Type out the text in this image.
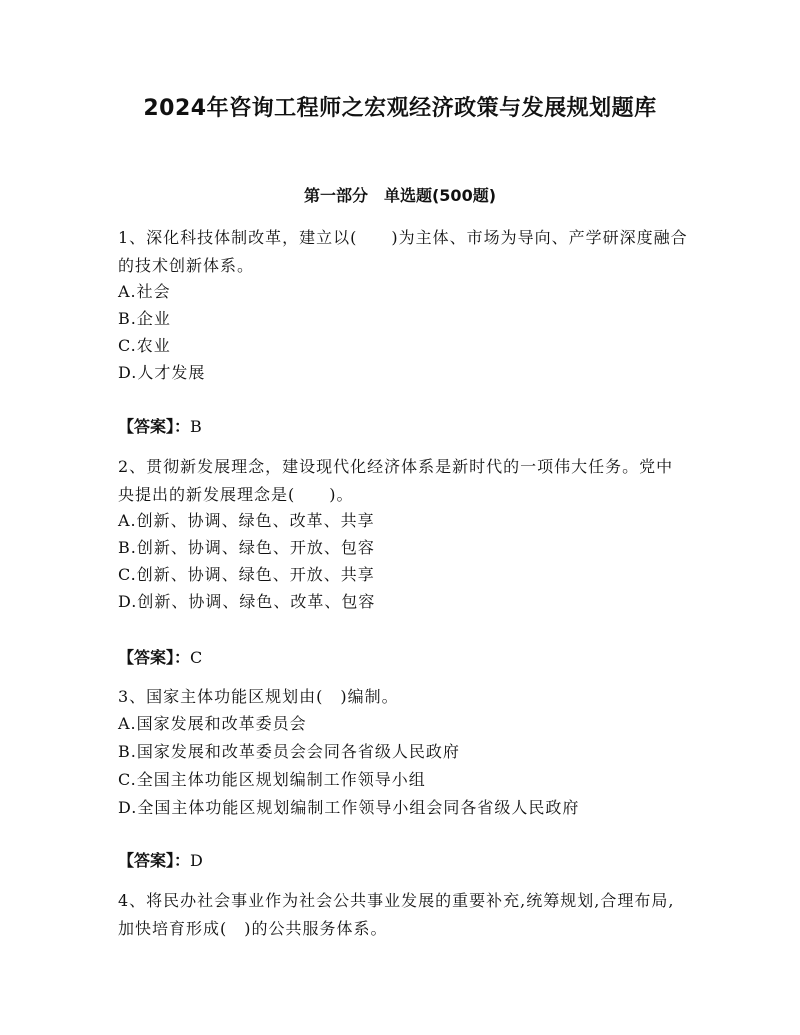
2024年咨询工程师之宏观经济政策与发展规划题库
第一部分　单选题(500题)
1、深化科技体制改革，建立以(　　)为主体、市场为导向、产学研深度融合的技术创新体系。
A.社会
B.企业
C.农业
D.人才发展
【答案】：B
2、贯彻新发展理念，建设现代化经济体系是新时代的一项伟大任务。党中央提出的新发展理念是(　　)。
A.创新、协调、绿色、改革、共享
B.创新、协调、绿色、开放、包容
C.创新、协调、绿色、开放、共享
D.创新、协调、绿色、改革、包容
【答案】：C
3、国家主体功能区规划由(　)编制。
A.国家发展和改革委员会
B.国家发展和改革委员会会同各省级人民政府
C.全国主体功能区规划编制工作领导小组
D.全国主体功能区规划编制工作领导小组会同各省级人民政府
【答案】：D
4、将民办社会事业作为社会公共事业发展的重要补充,统筹规划,合理布局,加快培育形成(　)的公共服务体系。
